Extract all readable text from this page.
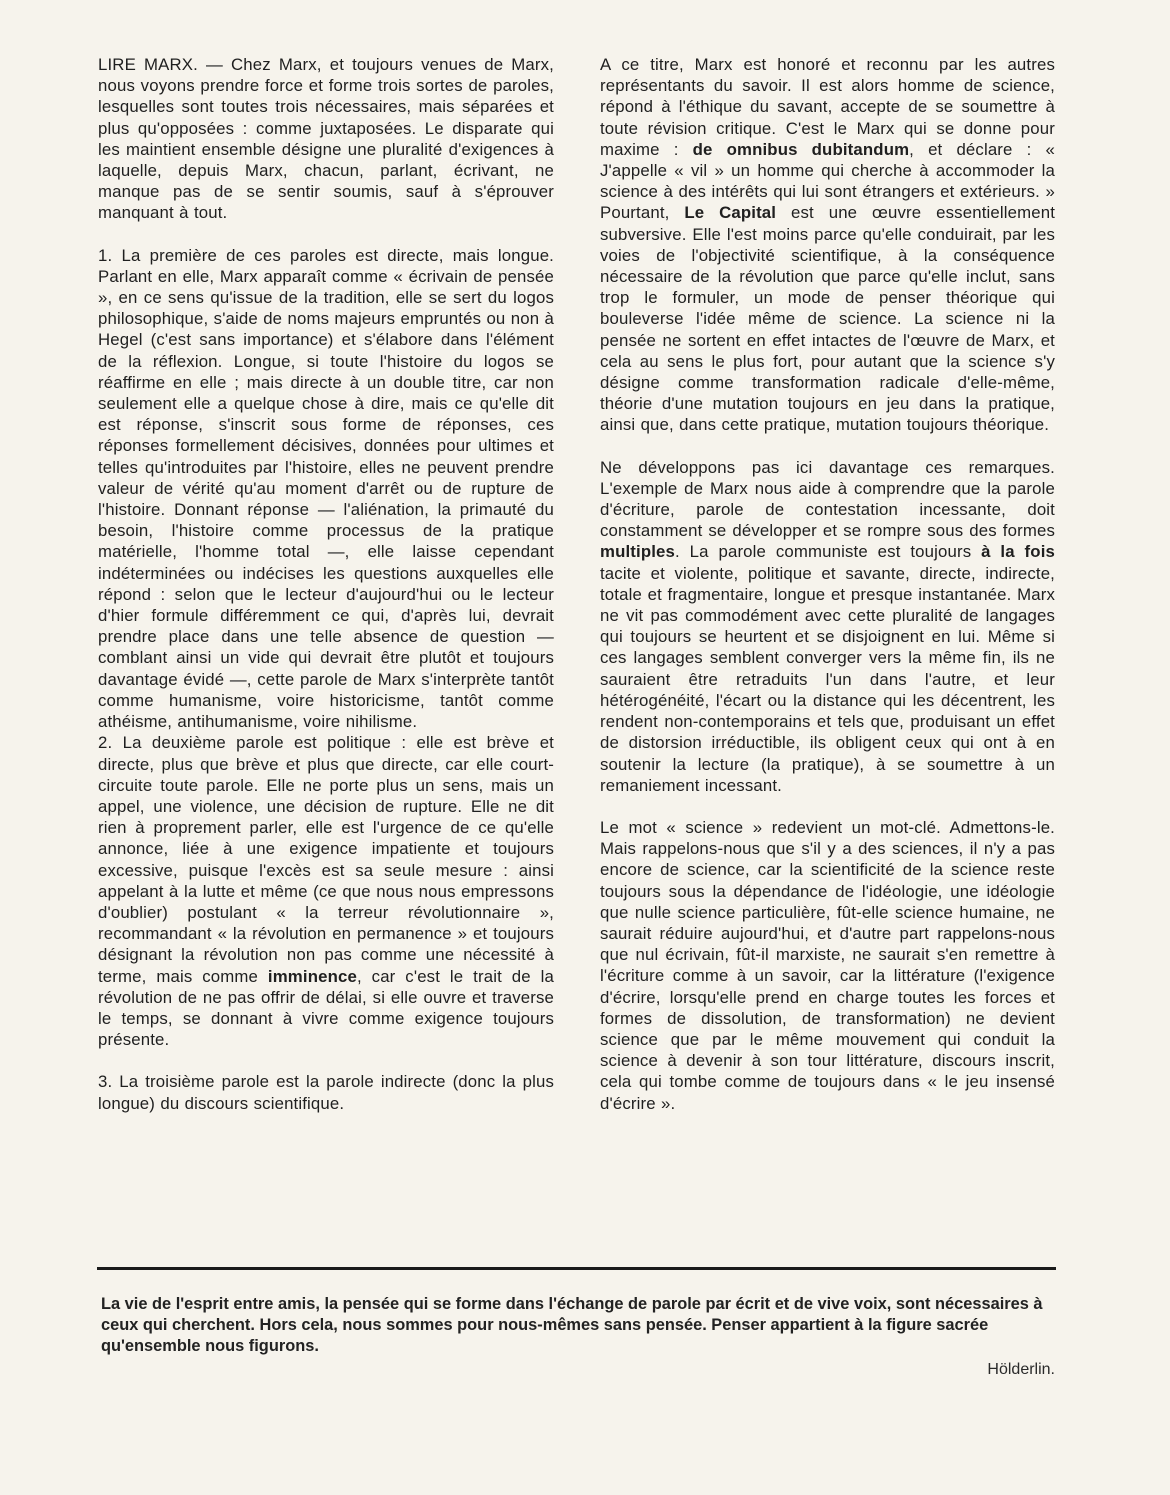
LIRE MARX. — Chez Marx, et toujours venues de Marx, nous voyons prendre force et forme trois sortes de paroles, lesquelles sont toutes trois nécessaires, mais séparées et plus qu'opposées : comme juxtaposées. Le disparate qui les maintient ensemble désigne une pluralité d'exigences à laquelle, depuis Marx, chacun, parlant, écrivant, ne manque pas de se sentir soumis, sauf à s'éprouver manquant à tout.

1. La première de ces paroles est directe, mais longue. Parlant en elle, Marx apparaît comme « écrivain de pensée », en ce sens qu'issue de la tradition, elle se sert du logos philosophique, s'aide de noms majeurs empruntés ou non à Hegel (c'est sans importance) et s'élabore dans l'élément de la réflexion. Longue, si toute l'histoire du logos se réaffirme en elle ; mais directe à un double titre, car non seulement elle a quelque chose à dire, mais ce qu'elle dit est réponse, s'inscrit sous forme de réponses, ces réponses formellement décisives, données pour ultimes et telles qu'introduites par l'histoire, elles ne peuvent prendre valeur de vérité qu'au moment d'arrêt ou de rupture de l'histoire. Donnant réponse — l'aliénation, la primauté du besoin, l'histoire comme processus de la pratique matérielle, l'homme total —, elle laisse cependant indéterminées ou indécises les questions auxquelles elle répond : selon que le lecteur d'aujourd'hui ou le lecteur d'hier formule différemment ce qui, d'après lui, devrait prendre place dans une telle absence de question — comblant ainsi un vide qui devrait être plutôt et toujours davantage évidé —, cette parole de Marx s'interprète tantôt comme humanisme, voire historicisme, tantôt comme athéisme, antihumanisme, voire nihilisme.

2. La deuxième parole est politique : elle est brève et directe, plus que brève et plus que directe, car elle court-circuite toute parole. Elle ne porte plus un sens, mais un appel, une violence, une décision de rupture. Elle ne dit rien à proprement parler, elle est l'urgence de ce qu'elle annonce, liée à une exigence impatiente et toujours excessive, puisque l'excès est sa seule mesure : ainsi appelant à la lutte et même (ce que nous nous empressons d'oublier) postulant « la terreur révolutionnaire », recommandant « la révolution en permanence » et toujours désignant la révolution non pas comme une nécessité à terme, mais comme imminence, car c'est le trait de la révolution de ne pas offrir de délai, si elle ouvre et traverse le temps, se donnant à vivre comme exigence toujours présente.

3. La troisième parole est la parole indirecte (donc la plus longue) du discours scientifique.

A ce titre, Marx est honoré et reconnu par les autres représentants du savoir. Il est alors homme de science, répond à l'éthique du savant, accepte de se soumettre à toute révision critique. C'est le Marx qui se donne pour maxime : de omnibus dubitandum, et déclare : « J'appelle « vil » un homme qui cherche à accommoder la science à des intérêts qui lui sont étrangers et extérieurs. » Pourtant, Le Capital est une œuvre essentiellement subversive. Elle l'est moins parce qu'elle conduirait, par les voies de l'objectivité scientifique, à la conséquence nécessaire de la révolution que parce qu'elle inclut, sans trop le formuler, un mode de penser théorique qui bouleverse l'idée même de science. La science ni la pensée ne sortent en effet intactes de l'œuvre de Marx, et cela au sens le plus fort, pour autant que la science s'y désigne comme transformation radicale d'elle-même, théorie d'une mutation toujours en jeu dans la pratique, ainsi que, dans cette pratique, mutation toujours théorique.

Ne développons pas ici davantage ces remarques. L'exemple de Marx nous aide à comprendre que la parole d'écriture, parole de contestation incessante, doit constamment se développer et se rompre sous des formes multiples. La parole communiste est toujours à la fois tacite et violente, politique et savante, directe, indirecte, totale et fragmentaire, longue et presque instantanée. Marx ne vit pas commodément avec cette pluralité de langages qui toujours se heurtent et se disjoignent en lui. Même si ces langages semblent converger vers la même fin, ils ne sauraient être retraduits l'un dans l'autre, et leur hétérogénéité, l'écart ou la distance qui les décentrent, les rendent non-contemporains et tels que, produisant un effet de distorsion irréductible, ils obligent ceux qui ont à en soutenir la lecture (la pratique), à se soumettre à un remaniement incessant.

Le mot « science » redevient un mot-clé. Admettons-le. Mais rappelons-nous que s'il y a des sciences, il n'y a pas encore de science, car la scientificité de la science reste toujours sous la dépendance de l'idéologie, une idéologie que nulle science particulière, fût-elle science humaine, ne saurait réduire aujourd'hui, et d'autre part rappelons-nous que nul écrivain, fût-il marxiste, ne saurait s'en remettre à l'écriture comme à un savoir, car la littérature (l'exigence d'écrire, lorsqu'elle prend en charge toutes les forces et formes de dissolution, de transformation) ne devient science que par le même mouvement qui conduit la science à devenir à son tour littérature, discours inscrit, cela qui tombe comme de toujours dans « le jeu insensé d'écrire ».

La vie de l'esprit entre amis, la pensée qui se forme dans l'échange de parole par écrit et de vive voix, sont nécessaires à ceux qui cherchent. Hors cela, nous sommes pour nous-mêmes sans pensée. Penser appartient à la figure sacrée qu'ensemble nous figurons.
Hölderlin.
